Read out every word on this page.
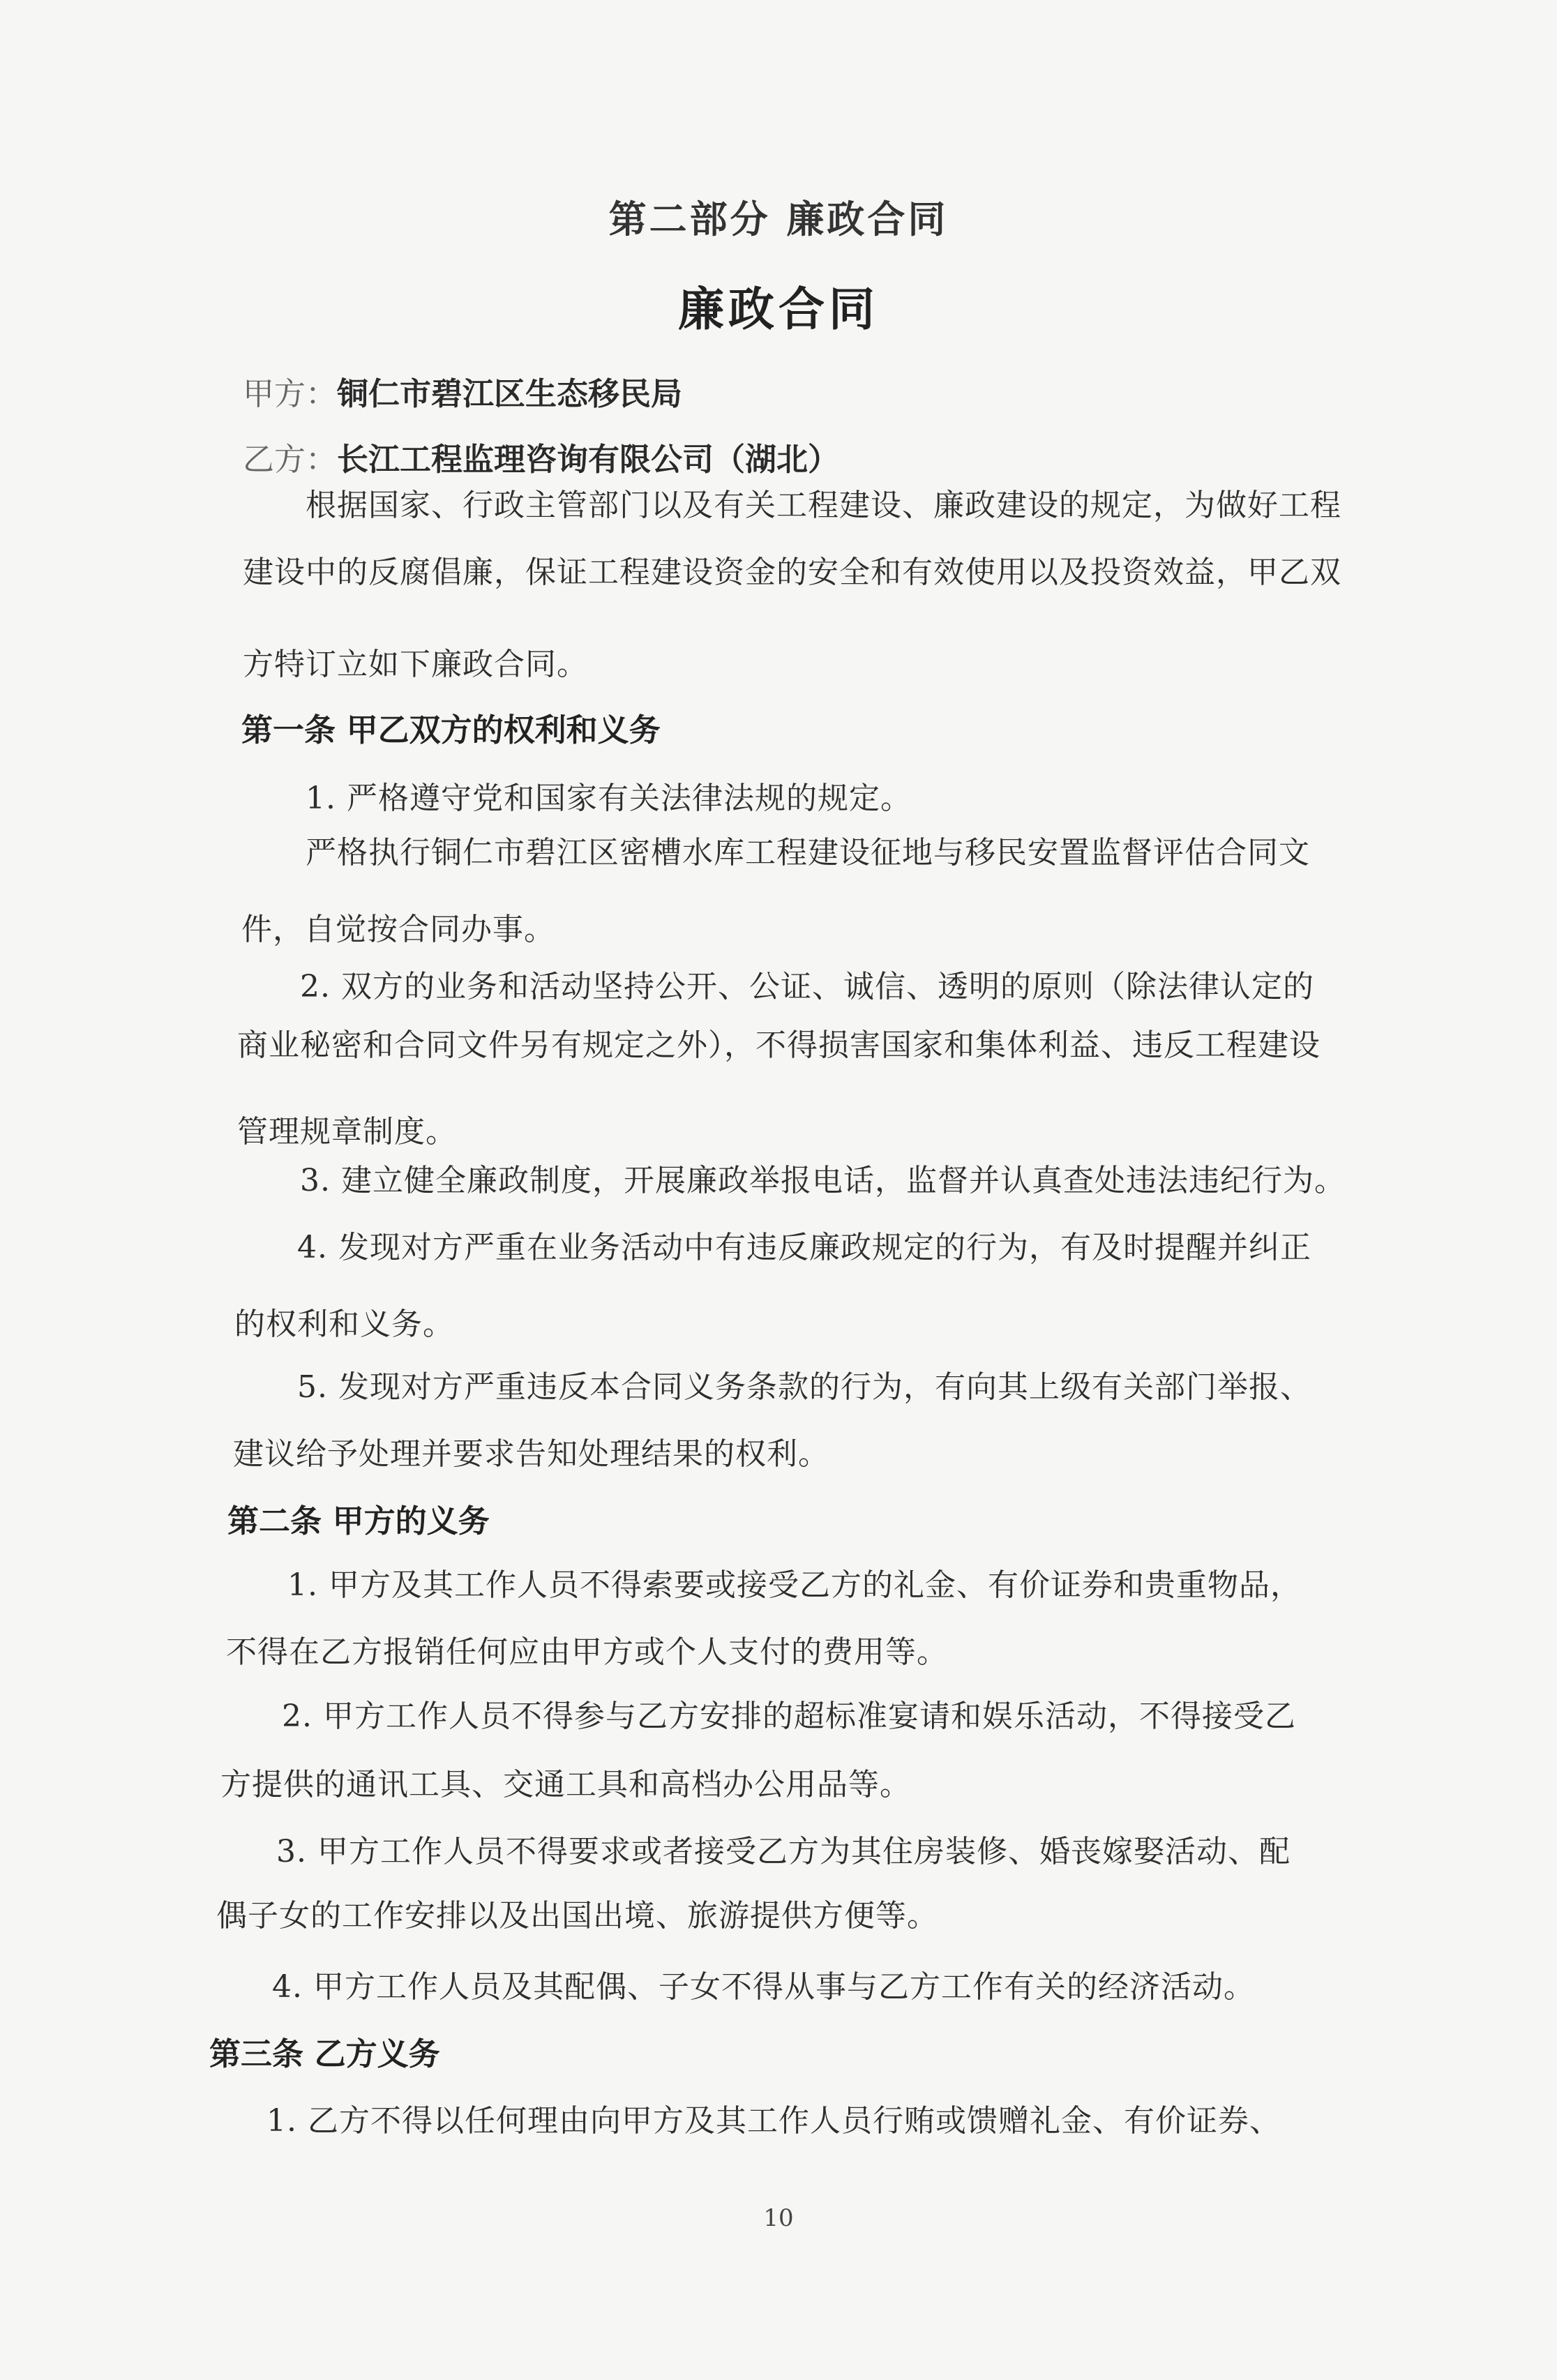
第二部分 廉政合同
廉政合同
甲方：铜仁市碧江区生态移民局
乙方：长江工程监理咨询有限公司（湖北）
根据国家、行政主管部门以及有关工程建设、廉政建设的规定，为做好工程
建设中的反腐倡廉，保证工程建设资金的安全和有效使用以及投资效益，甲乙双
方特订立如下廉政合同。
第一条 甲乙双方的权利和义务
1. 严格遵守党和国家有关法律法规的规定。
严格执行铜仁市碧江区密槽水库工程建设征地与移民安置监督评估合同文
件，自觉按合同办事。
2. 双方的业务和活动坚持公开、公证、诚信、透明的原则（除法律认定的
商业秘密和合同文件另有规定之外），不得损害国家和集体利益、违反工程建设
管理规章制度。
3. 建立健全廉政制度，开展廉政举报电话，监督并认真查处违法违纪行为。
4. 发现对方严重在业务活动中有违反廉政规定的行为，有及时提醒并纠正
的权利和义务。
5. 发现对方严重违反本合同义务条款的行为，有向其上级有关部门举报、
建议给予处理并要求告知处理结果的权利。
第二条 甲方的义务
1. 甲方及其工作人员不得索要或接受乙方的礼金、有价证券和贵重物品，
不得在乙方报销任何应由甲方或个人支付的费用等。
2. 甲方工作人员不得参与乙方安排的超标准宴请和娱乐活动，不得接受乙
方提供的通讯工具、交通工具和高档办公用品等。
3. 甲方工作人员不得要求或者接受乙方为其住房装修、婚丧嫁娶活动、配
偶子女的工作安排以及出国出境、旅游提供方便等。
4. 甲方工作人员及其配偶、子女不得从事与乙方工作有关的经济活动。
第三条 乙方义务
1. 乙方不得以任何理由向甲方及其工作人员行贿或馈赠礼金、有价证券、
10
